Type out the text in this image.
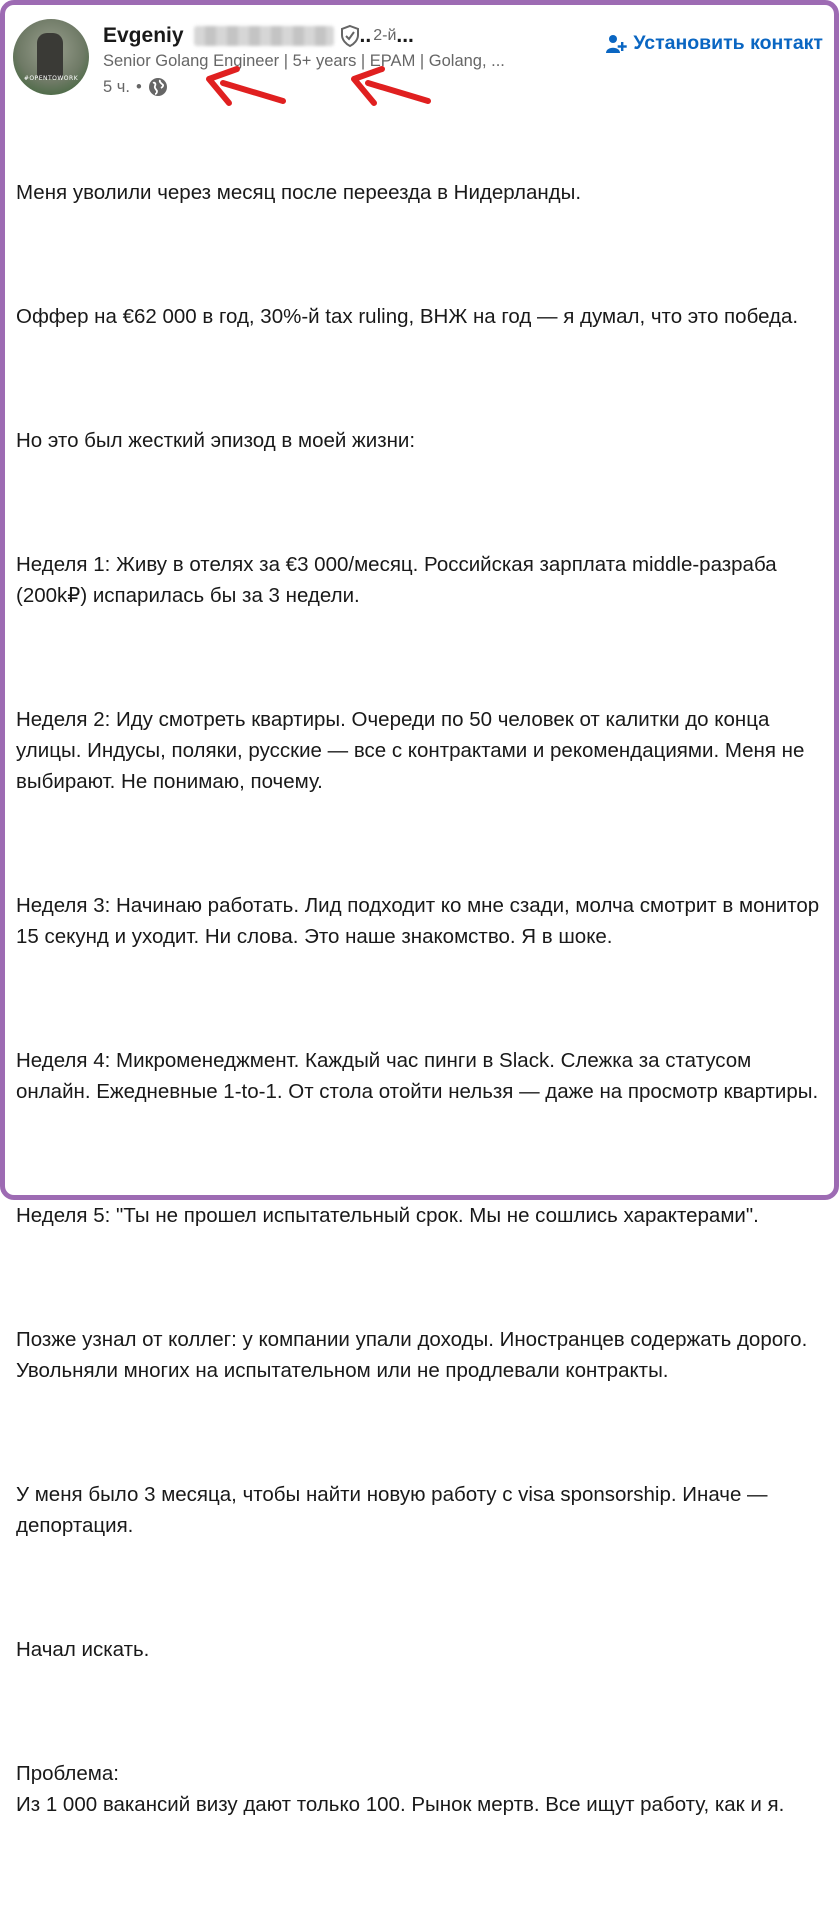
#OPENTOWORK
Evgeniy	.. 2-й ...
Senior Golang Engineer | 5+ years | EPAM | Golang, ...
5 ч. •
Установить контакт

Меня уволили через месяц после переезда в Нидерланды.

Оффер на €62 000 в год, 30%-й tax ruling, ВНЖ на год — я думал, что это победа.

Но это был жесткий эпизод в моей жизни:

Неделя 1: Живу в отелях за €3 000/месяц. Российская зарплата middle-разраба (200k₽) испарилась бы за 3 недели.

Неделя 2: Иду смотреть квартиры. Очереди по 50 человек от калитки до конца улицы. Индусы, поляки, русские — все с контрактами и рекомендациями. Меня не выбирают. Не понимаю, почему.

Неделя 3: Начинаю работать. Лид подходит ко мне сзади, молча смотрит в монитор 15 секунд и уходит. Ни слова. Это наше знакомство. Я в шоке.

Неделя 4: Микроменеджмент. Каждый час пинги в Slack. Слежка за статусом онлайн. Ежедневные 1-to-1. От стола отойти нельзя — даже на просмотр квартиры.

Неделя 5: "Ты не прошел испытательный срок. Мы не сошлись характерами".

Позже узнал от коллег: у компании упали доходы. Иностранцев содержать дорого. Увольняли многих на испытательном или не продлевали контракты.

У меня было 3 месяца, чтобы найти новую работу с visa sponsorship. Иначе — депортация.

Начал искать.

Проблема:
Из 1 000 вакансий визу дают только 100. Рынок мертв. Все ищут работу, как и я.
